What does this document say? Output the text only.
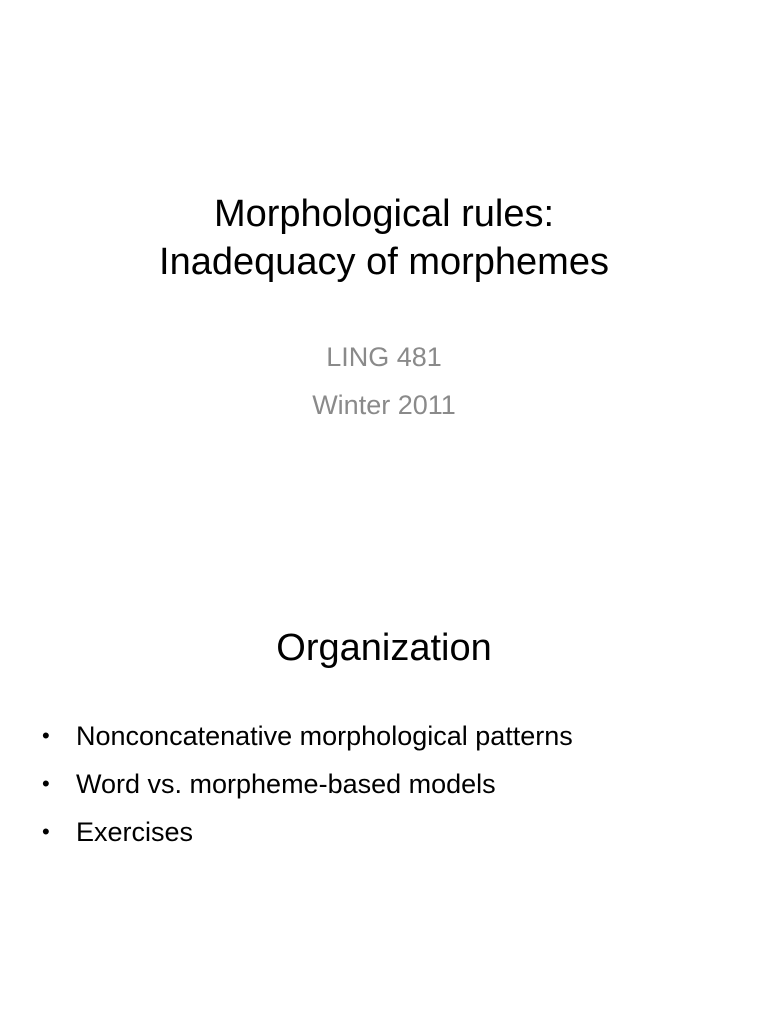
Morphological rules:
Inadequacy of morphemes
LING 481
Winter 2011
Organization
• Nonconcatenative morphological patterns
• Word vs. morpheme-based models
• Exercises
